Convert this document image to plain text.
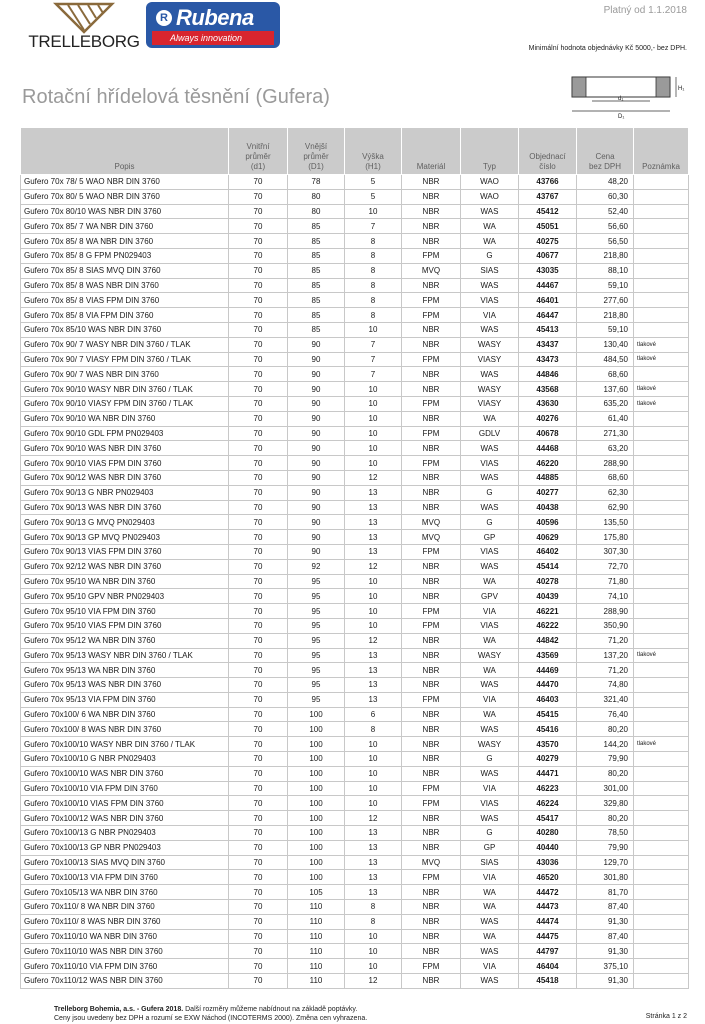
Platný od 1.1.2018
TRELLEBORG
R Rubena
Always innovation
Minimální hodnota objednávky Kč 5000,- bez DPH.
Rotační hřídelová těsnění (Gufera)	H₁
d₁
D₁
Popis	Vnitřní
průměr
(d1)	Vnější
průměr
(D1)	Výška
(H1)	Materiál	Typ	Objednací
číslo	Cena
bez DPH	Poznámka
Gufero 70x 78/ 5 WAO NBR DIN 3760	70	78	5	NBR	WAO	43766	48,20	
Gufero 70x 80/ 5 WAO NBR DIN 3760	70	80	5	NBR	WAO	43767	60,30	
Gufero 70x 80/10 WAS NBR DIN 3760	70	80	10	NBR	WAS	45412	52,40	
Gufero 70x 85/ 7 WA NBR DIN 3760	70	85	7	NBR	WA	45051	56,60	
Gufero 70x 85/ 8 WA NBR DIN 3760	70	85	8	NBR	WA	40275	56,50	
Gufero 70x 85/ 8 G FPM PN029403	70	85	8	FPM	G	40677	218,80	
Gufero 70x 85/ 8 SIAS MVQ DIN 3760	70	85	8	MVQ	SIAS	43035	88,10	
Gufero 70x 85/ 8 WAS NBR DIN 3760	70	85	8	NBR	WAS	44467	59,10	
Gufero 70x 85/ 8 VIAS FPM DIN 3760	70	85	8	FPM	VIAS	46401	277,60	
Gufero 70x 85/ 8 VIA FPM DIN 3760	70	85	8	FPM	VIA	46447	218,80	
Gufero 70x 85/10 WAS NBR DIN 3760	70	85	10	NBR	WAS	45413	59,10	
Gufero 70x 90/ 7 WASY NBR DIN 3760 / TLAK	70	90	7	NBR	WASY	43437	130,40	tlakové
Gufero 70x 90/ 7 VIASY FPM DIN 3760 / TLAK	70	90	7	FPM	VIASY	43473	484,50	tlakové
Gufero 70x 90/ 7 WAS NBR DIN 3760	70	90	7	NBR	WAS	44846	68,60	
Gufero 70x 90/10 WASY NBR DIN 3760 / TLAK	70	90	10	NBR	WASY	43568	137,60	tlakové
Gufero 70x 90/10 VIASY FPM DIN 3760 / TLAK	70	90	10	FPM	VIASY	43630	635,20	tlakové
Gufero 70x 90/10 WA NBR DIN 3760	70	90	10	NBR	WA	40276	61,40	
Gufero 70x 90/10 GDL FPM PN029403	70	90	10	FPM	GDLV	40678	271,30	
Gufero 70x 90/10 WAS NBR DIN 3760	70	90	10	NBR	WAS	44468	63,20	
Gufero 70x 90/10 VIAS FPM DIN 3760	70	90	10	FPM	VIAS	46220	288,90	
Gufero 70x 90/12 WAS NBR DIN 3760	70	90	12	NBR	WAS	44885	68,60	
Gufero 70x 90/13 G NBR PN029403	70	90	13	NBR	G	40277	62,30	
Gufero 70x 90/13 WAS NBR DIN 3760	70	90	13	NBR	WAS	40438	62,90	
Gufero 70x 90/13 G MVQ PN029403	70	90	13	MVQ	G	40596	135,50	
Gufero 70x 90/13 GP MVQ PN029403	70	90	13	MVQ	GP	40629	175,80	
Gufero 70x 90/13 VIAS FPM DIN 3760	70	90	13	FPM	VIAS	46402	307,30	
Gufero 70x 92/12 WAS NBR DIN 3760	70	92	12	NBR	WAS	45414	72,70	
Gufero 70x 95/10 WA NBR DIN 3760	70	95	10	NBR	WA	40278	71,80	
Gufero 70x 95/10 GPV NBR PN029403	70	95	10	NBR	GPV	40439	74,10	
Gufero 70x 95/10 VIA FPM DIN 3760	70	95	10	FPM	VIA	46221	288,90	
Gufero 70x 95/10 VIAS FPM DIN 3760	70	95	10	FPM	VIAS	46222	350,90	
Gufero 70x 95/12 WA NBR DIN 3760	70	95	12	NBR	WA	44842	71,20	
Gufero 70x 95/13 WASY NBR DIN 3760 / TLAK	70	95	13	NBR	WASY	43569	137,20	tlakové
Gufero 70x 95/13 WA NBR DIN 3760	70	95	13	NBR	WA	44469	71,20	
Gufero 70x 95/13 WAS NBR DIN 3760	70	95	13	NBR	WAS	44470	74,80	
Gufero 70x 95/13 VIA FPM DIN 3760	70	95	13	FPM	VIA	46403	321,40	
Gufero 70x100/ 6 WA NBR DIN 3760	70	100	6	NBR	WA	45415	76,40	
Gufero 70x100/ 8 WAS NBR DIN 3760	70	100	8	NBR	WAS	45416	80,20	
Gufero 70x100/10 WASY NBR DIN 3760 / TLAK	70	100	10	NBR	WASY	43570	144,20	tlakové
Gufero 70x100/10 G NBR PN029403	70	100	10	NBR	G	40279	79,90	
Gufero 70x100/10 WAS NBR DIN 3760	70	100	10	NBR	WAS	44471	80,20	
Gufero 70x100/10 VIA FPM DIN 3760	70	100	10	FPM	VIA	46223	301,00	
Gufero 70x100/10 VIAS FPM DIN 3760	70	100	10	FPM	VIAS	46224	329,80	
Gufero 70x100/12 WAS NBR DIN 3760	70	100	12	NBR	WAS	45417	80,20	
Gufero 70x100/13 G NBR PN029403	70	100	13	NBR	G	40280	78,50	
Gufero 70x100/13 GP NBR PN029403	70	100	13	NBR	GP	40440	79,90	
Gufero 70x100/13 SIAS MVQ DIN 3760	70	100	13	MVQ	SIAS	43036	129,70	
Gufero 70x100/13 VIA FPM DIN 3760	70	100	13	FPM	VIA	46520	301,80	
Gufero 70x105/13 WA NBR DIN 3760	70	105	13	NBR	WA	44472	81,70	
Gufero 70x110/ 8 WA NBR DIN 3760	70	110	8	NBR	WA	44473	87,40	
Gufero 70x110/ 8 WAS NBR DIN 3760	70	110	8	NBR	WAS	44474	91,30	
Gufero 70x110/10 WA NBR DIN 3760	70	110	10	NBR	WA	44475	87,40	
Gufero 70x110/10 WAS NBR DIN 3760	70	110	10	NBR	WAS	44797	91,30	
Gufero 70x110/10 VIA FPM DIN 3760	70	110	10	FPM	VIA	46404	375,10	
Gufero 70x110/12 WAS NBR DIN 3760	70	110	12	NBR	WAS	45418	91,30	
Trelleborg Bohemia, a.s. - Gufera 2018. Další rozměry můžeme nabídnout na základě poptávky.
Ceny jsou uvedeny bez DPH a rozumí se EXW Náchod (INCOTERMS 2000). Změna cen vyhrazena.	Stránka 1 z 2
